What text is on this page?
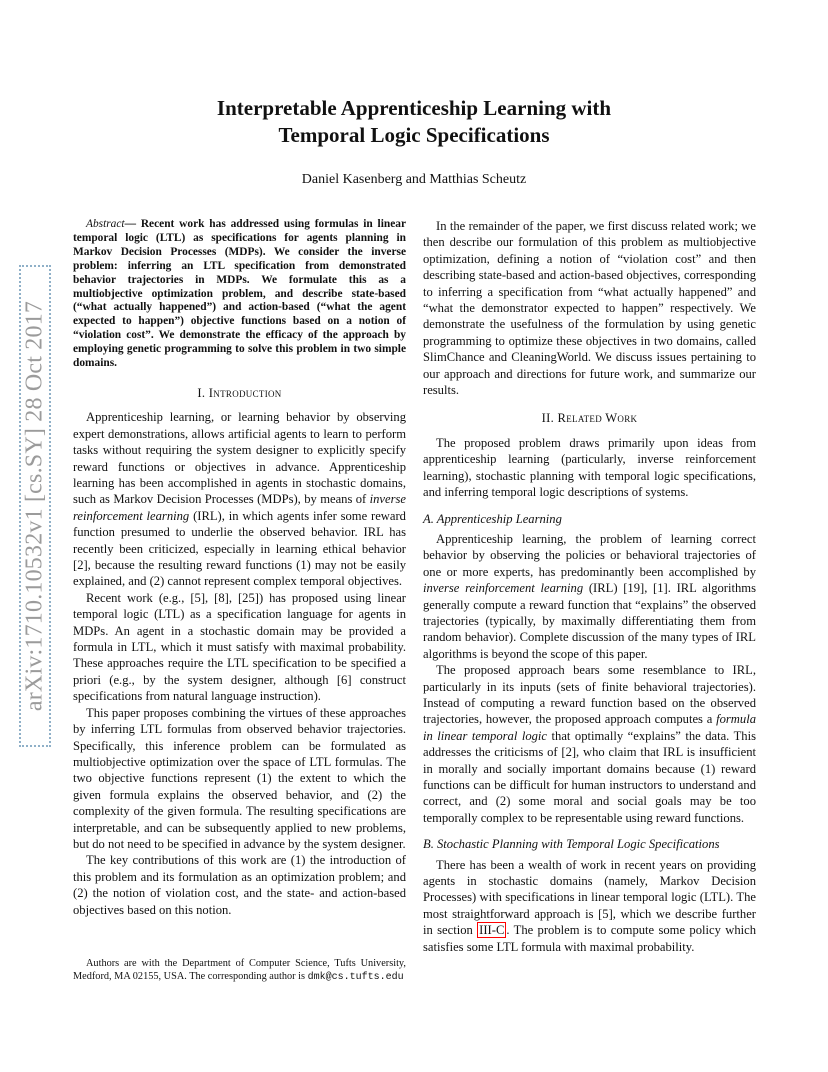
Interpretable Apprenticeship Learning with
Temporal Logic Specifications
Daniel Kasenberg and Matthias Scheutz
arXiv:1710.10532v1 [cs.SY] 28 Oct 2017

Abstract— Recent work has addressed using formulas in linear temporal logic (LTL) as specifications for agents planning in Markov Decision Processes (MDPs). We consider the inverse problem: inferring an LTL specification from demonstrated behavior trajectories in MDPs. We formulate this as a multiobjective optimization problem, and describe state-based (“what actually happened”) and action-based (“what the agent expected to happen”) objective functions based on a notion of “violation cost”. We demonstrate the efficacy of the approach by employing genetic programming to solve this problem in two simple domains.

I. Introduction

Apprenticeship learning, or learning behavior by observing expert demonstrations, allows artificial agents to learn to perform tasks without requiring the system designer to explicitly specify reward functions or objectives in advance. Apprenticeship learning has been accomplished in agents in stochastic domains, such as Markov Decision Processes (MDPs), by means of inverse reinforcement learning (IRL), in which agents infer some reward function presumed to underlie the observed behavior. IRL has recently been criticized, especially in learning ethical behavior [2], because the resulting reward functions (1) may not be easily explained, and (2) cannot represent complex temporal objectives.

Recent work (e.g., [5], [8], [25]) has proposed using linear temporal logic (LTL) as a specification language for agents in MDPs. An agent in a stochastic domain may be provided a formula in LTL, which it must satisfy with maximal probability. These approaches require the LTL specification to be specified a priori (e.g., by the system designer, although [6] construct specifications from natural language instruction).

This paper proposes combining the virtues of these approaches by inferring LTL formulas from observed behavior trajectories. Specifically, this inference problem can be formulated as multiobjective optimization over the space of LTL formulas. The two objective functions represent (1) the extent to which the given formula explains the observed behavior, and (2) the complexity of the given formula. The resulting specifications are interpretable, and can be subsequently applied to new problems, but do not need to be specified in advance by the system designer.

The key contributions of this work are (1) the introduction of this problem and its formulation as an optimization problem; and (2) the notion of violation cost, and the state- and action-based objectives based on this notion.

Authors are with the Department of Computer Science, Tufts University, Medford, MA 02155, USA. The corresponding author is dmk@cs.tufts.edu

In the remainder of the paper, we first discuss related work; we then describe our formulation of this problem as multiobjective optimization, defining a notion of “violation cost” and then describing state-based and action-based objectives, corresponding to inferring a specification from “what actually happened” and “what the demonstrator expected to happen” respectively. We demonstrate the usefulness of the formulation by using genetic programming to optimize these objectives in two domains, called SlimChance and CleaningWorld. We discuss issues pertaining to our approach and directions for future work, and summarize our results.

II. Related Work

The proposed problem draws primarily upon ideas from apprenticeship learning (particularly, inverse reinforcement learning), stochastic planning with temporal logic specifications, and inferring temporal logic descriptions of systems.

A. Apprenticeship Learning

Apprenticeship learning, the problem of learning correct behavior by observing the policies or behavioral trajectories of one or more experts, has predominantly been accomplished by inverse reinforcement learning (IRL) [19], [1]. IRL algorithms generally compute a reward function that “explains” the observed trajectories (typically, by maximally differentiating them from random behavior). Complete discussion of the many types of IRL algorithms is beyond the scope of this paper.

The proposed approach bears some resemblance to IRL, particularly in its inputs (sets of finite behavioral trajectories). Instead of computing a reward function based on the observed trajectories, however, the proposed approach computes a formula in linear temporal logic that optimally “explains” the data. This addresses the criticisms of [2], who claim that IRL is insufficient in morally and socially important domains because (1) reward functions can be difficult for human instructors to understand and correct, and (2) some moral and social goals may be too temporally complex to be representable using reward functions.

B. Stochastic Planning with Temporal Logic Specifications

There has been a wealth of work in recent years on providing agents in stochastic domains (namely, Markov Decision Processes) with specifications in linear temporal logic (LTL). The most straightforward approach is [5], which we describe further in section III-C . The problem is to compute some policy which satisfies some LTL formula with maximal probability.
